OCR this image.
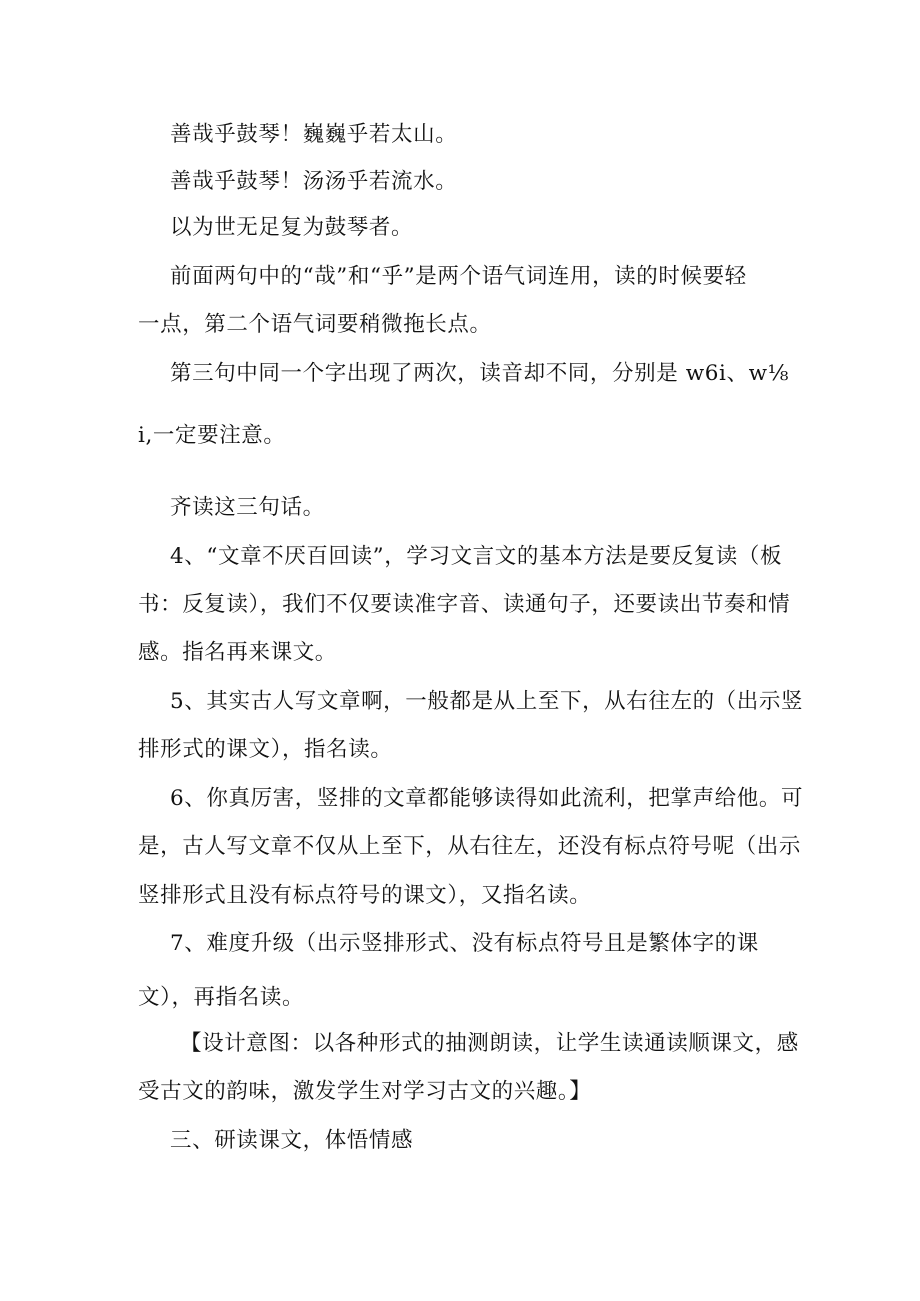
善哉乎鼓琴！巍巍乎若太山。
善哉乎鼓琴！汤汤乎若流水。
以为世无足复为鼓琴者。
前面两句中的“哉”和“乎”是两个语气词连用，读的时候要轻
一点，第二个语气词要稍微拖长点。
第三句中同一个字出现了两次，读音却不同，分别是 w6i、w⅛
i,一定要注意。
齐读这三句话。
4、“文章不厌百回读”，学习文言文的基本方法是要反复读（板
书：反复读），我们不仅要读准字音、读通句子，还要读出节奏和情
感。指名再来课文。
5、其实古人写文章啊，一般都是从上至下，从右往左的（出示竖
排形式的课文），指名读。
6、你真厉害，竖排的文章都能够读得如此流利，把掌声给他。可
是，古人写文章不仅从上至下，从右往左，还没有标点符号呢（出示
竖排形式且没有标点符号的课文），又指名读。
7、难度升级（出示竖排形式、没有标点符号且是繁体字的课
文），再指名读。
【设计意图：以各种形式的抽测朗读，让学生读通读顺课文，感
受古文的韵味，激发学生对学习古文的兴趣。】
三、研读课文，体悟情感
